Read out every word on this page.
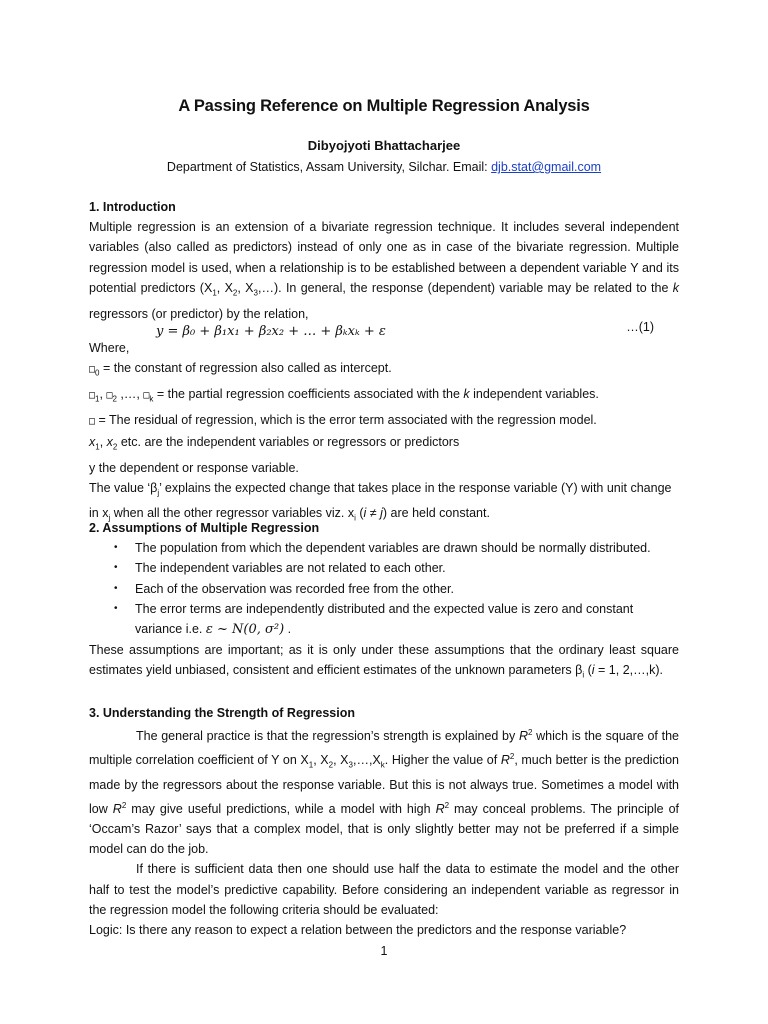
A Passing Reference on Multiple Regression Analysis
Dibyojyoti Bhattacharjee
Department of Statistics, Assam University, Silchar. Email: djb.stat@gmail.com
1. Introduction
Multiple regression is an extension of a bivariate regression technique. It includes several independent variables (also called as predictors) instead of only one as in case of the bivariate regression. Multiple regression model is used, when a relationship is to be established between a dependent variable Y and its potential predictors ($X_1$, $X_2$, $X_3,\dots$). In general, the response (dependent) variable may be related to the k regressors (or predictor) by the relation,
y = β₀ + β₁x₁ + β₂x₂ + … + βₖxₖ + ε	…(1)
Where,
$□_0$ = the constant of regression also called as intercept.
$□_1$, $□_2$ ,…, $□_k$ = the partial regression coefficients associated with the k independent variables.
□ = The residual of regression, which is the error term associated with the regression model.
$x_1$, $x_2$ etc. are the independent variables or regressors or predictors
y the dependent or response variable.
The value ‘$\beta_j$’ explains the expected change that takes place in the response variable (Y) with unit change
in $x_j$ when all the other regressor variables viz. $x_i$ (i ≠ j) are held constant.
2. Assumptions of Multiple Regression
• The population from which the dependent variables are drawn should be normally distributed.
• The independent variables are not related to each other.
• Each of the observation was recorded free from the other.
• The error terms are independently distributed and the expected value is zero and constant
variance i.e. ε ~ N(0, σ²) .
These assumptions are important; as it is only under these assumptions that the ordinary least square estimates yield unbiased, consistent and efficient estimates of the unknown parameters $\beta_i$ (i = 1, 2,…,k).
3. Understanding the Strength of Regression
The general practice is that the regression’s strength is explained by $R^2$ which is the square of the multiple correlation coefficient of Y on $X_1$, $X_2$, $X_3,\dots,X_k$. Higher the value of $R^2$, much better is the prediction made by the regressors about the response variable. But this is not always true. Sometimes a model with low $R^2$ may give useful predictions, while a model with high $R^2$ may conceal problems. The principle of ‘Occam’s Razor’ says that a complex model, that is only slightly better may not be preferred if a simple model can do the job.
If there is sufficient data then one should use half the data to estimate the model and the other half to test the model’s predictive capability. Before considering an independent variable as regressor in the regression model the following criteria should be evaluated:
Logic: Is there any reason to expect a relation between the predictors and the response variable?
1
